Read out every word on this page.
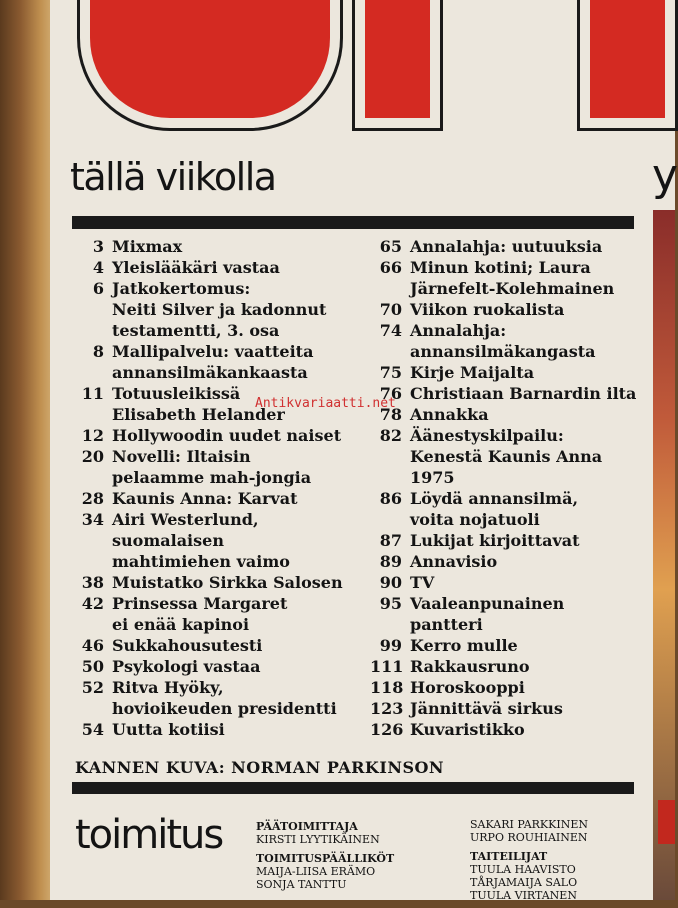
tällä viikolla	y
3 Mixmax
4 Yleislääkäri vastaa
6 Jatkokertomus:
Neiti Silver ja kadonnut
testamentti, 3. osa
8 Mallipalvelu: vaatteita
annansilmäkankaasta
11 Totuusleikissä
Elisabeth Helander
12 Hollywoodin uudet naiset
20 Novelli: Iltaisin
pelaamme mah-jongia
28 Kaunis Anna: Karvat
34 Airi Westerlund,
suomalaisen
mahtimiehen vaimo
38 Muistatko Sirkka Salosen
42 Prinsessa Margaret
ei enää kapinoi
46 Sukkahousutesti
50 Psykologi vastaa
52 Ritva Hyöky,
hovioikeuden presidentti
54 Uutta kotiisi
65 Annalahja: uutuuksia
66 Minun kotini; Laura
Järnefelt-Kolehmainen
70 Viikon ruokalista
74 Annalahja:
annansilmäkangasta
75 Kirje Maijalta
76 Christiaan Barnardin ilta
78 Annakka
82 Äänestyskilpailu:
Kenestä Kaunis Anna
1975
86 Löydä annansilmä,
voita nojatuoli
87 Lukijat kirjoittavat
89 Annavisio
90 TV
95 Vaaleanpunainen
pantteri
99 Kerro mulle
111 Rakkausruno
118 Horoskooppi
123 Jännittävä sirkus
126 Kuvaristikko
Antikvariaatti.net
KANNEN KUVA: NORMAN PARKINSON
toimitus	PÄÄTOIMITTAJA
KIRSTI LYYTIKÄINEN
TOIMITUSPÄÄLLIKÖT
MAIJA-LIISA ERÄMO
SONJA TANTTU
SAKARI PARKKINEN
URPO ROUHIAINEN
TAITEILIJAT
TUULA HAAVISTO
TÅRJAMAIJA SALO
TUULA VIRTANEN
